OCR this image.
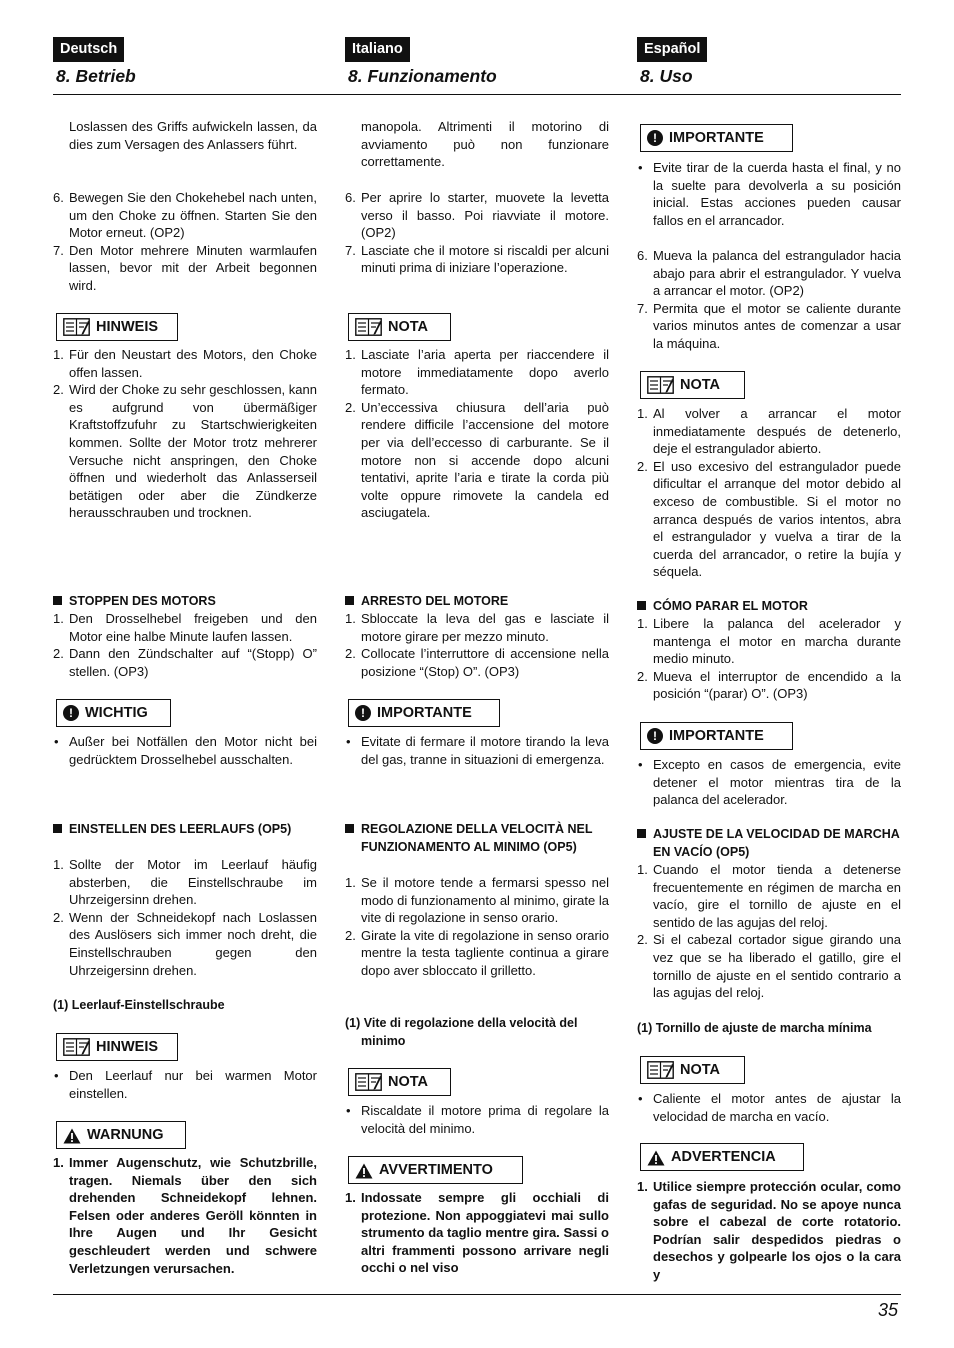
35
Deutsch
8. Betrieb
Loslassen des Griffs aufwickeln lassen, da dies zum Versagen des Anlassers führt.
6. Bewegen Sie den Chokehebel nach unten, um den Choke zu öffnen. Starten Sie den Motor erneut. (OP2)
7. Den Motor mehrere Minuten warmlaufen lassen, bevor mit der Arbeit begonnen wird.
HINWEIS
1. Für den Neustart des Motors, den Choke offen lassen.
2. Wird der Choke zu sehr geschlossen, kann es aufgrund von übermäßiger Kraftstoffzufuhr zu Startschwierigkeiten kommen. Sollte der Motor trotz mehrerer Versuche nicht anspringen, den Choke öffnen und wiederholt das Anlasserseil betätigen oder aber die Zündkerze herausschrauben und trocknen.
STOPPEN DES MOTORS
1. Den Drosselhebel freigeben und den Motor eine halbe Minute laufen lassen.
2. Dann den Zündschalter auf “(Stopp) O” stellen. (OP3)
! WICHTIG
• Außer bei Notfällen den Motor nicht bei gedrücktem Drosselhebel ausschalten.
EINSTELLEN DES LEERLAUFS (OP5)
1. Sollte der Motor im Leerlauf häufig absterben, die Einstellschraube im Uhrzeigersinn drehen.
2. Wenn der Schneidekopf nach Loslassen des Auslösers sich immer noch dreht, die Einstellschrauben gegen den Uhrzeigersinn drehen.
(1) Leerlauf-Einstellschraube
HINWEIS
• Den Leerlauf nur bei warmen Motor einstellen.
WARNUNG
1. Immer Augenschutz, wie Schutzbrille, tragen. Niemals über den sich drehenden Schneidekopf lehnen. Felsen oder anderes Geröll könnten in Ihre Augen und Ihr Gesicht geschleudert werden und schwere Verletzungen verursachen.
Italiano
8. Funzionamento
manopola. Altrimenti il motorino di avviamento può non funzionare correttamente.
6. Per aprire lo starter, muovete la levetta verso il basso. Poi riavviate il motore. (OP2)
7. Lasciate che il motore si riscaldi per alcuni minuti prima di iniziare l’operazione.
NOTA
1. Lasciate l’aria aperta per riaccendere il motore immediatamente dopo averlo fermato.
2. Un’eccessiva chiusura dell’aria può rendere difficile l’accensione del motore per via dell’eccesso di carburante. Se il motore non si accende dopo alcuni tentativi, aprite l’aria e tirate la corda più volte oppure rimovete la candela ed asciugatela.
ARRESTO DEL MOTORE
1. Sbloccate la leva del gas e lasciate il motore girare per mezzo minuto.
2. Collocate l’interruttore di accensione nella posizione “(Stop) O”. (OP3)
! IMPORTANTE
• Evitate di fermare il motore tirando la leva del gas, tranne in situazioni di emergenza.
REGOLAZIONE DELLA VELOCITÀ NEL FUNZIONAMENTO AL MINIMO (OP5)
1. Se il motore tende a fermarsi spesso nel modo di funzionamento al minimo, girate la vite di regolazione in senso orario.
2. Girate la vite di regolazione in senso orario mentre la testa tagliente continua a girare dopo aver sbloccato il grilletto.
(1) Vite di regolazione della velocità del minimo
NOTA
• Riscaldate il motore prima di regolare la velocità del minimo.
AVVERTIMENTO
1. Indossate sempre gli occhiali di protezione. Non appoggiatevi mai sullo strumento da taglio mentre gira. Sassi o altri frammenti possono arrivare negli occhi o nel viso
Español
8. Uso
! IMPORTANTE
• Evite tirar de la cuerda hasta el final, y no la suelte para devolverla a su posición inicial. Estas acciones pueden causar fallos en el arrancador.
6. Mueva la palanca del estrangulador hacia abajo para abrir el estrangulador. Y vuelva a arrancar el motor. (OP2)
7. Permita que el motor se caliente durante varios minutos antes de comenzar a usar la máquina.
NOTA
1. Al volver a arrancar el motor inmediatamente después de detenerlo, deje el estrangulador abierto.
2. El uso excesivo del estrangulador puede dificultar el arranque del motor debido al exceso de combustible. Si el motor no arranca después de varios intentos, abra el estrangulador y vuelva a tirar de la cuerda del arrancador, o retire la bujía y séquela.
CÓMO PARAR EL MOTOR
1. Libere la palanca del acelerador y mantenga el motor en marcha durante medio minuto.
2. Mueva el interruptor de encendido a la posición “(parar) O”. (OP3)
! IMPORTANTE
• Excepto en casos de emergencia, evite detener el motor mientras tira de la palanca del acelerador.
AJUSTE DE LA VELOCIDAD DE MARCHA EN VACÍO (OP5)
1. Cuando el motor tienda a detenerse frecuentemente en régimen de marcha en vacío, gire el tornillo de ajuste en el sentido de las agujas del reloj.
2. Si el cabezal cortador sigue girando una vez que se ha liberado el gatillo, gire el tornillo de ajuste en el sentido contrario a las agujas del reloj.
(1) Tornillo de ajuste de marcha mínima
NOTA
• Caliente el motor antes de ajustar la velocidad de marcha en vacío.
ADVERTENCIA
1. Utilice siempre protección ocular, como gafas de seguridad. No se apoye nunca sobre el cabezal de corte rotatorio. Podrían salir despedidos piedras o desechos y golpearle los ojos o la cara y
